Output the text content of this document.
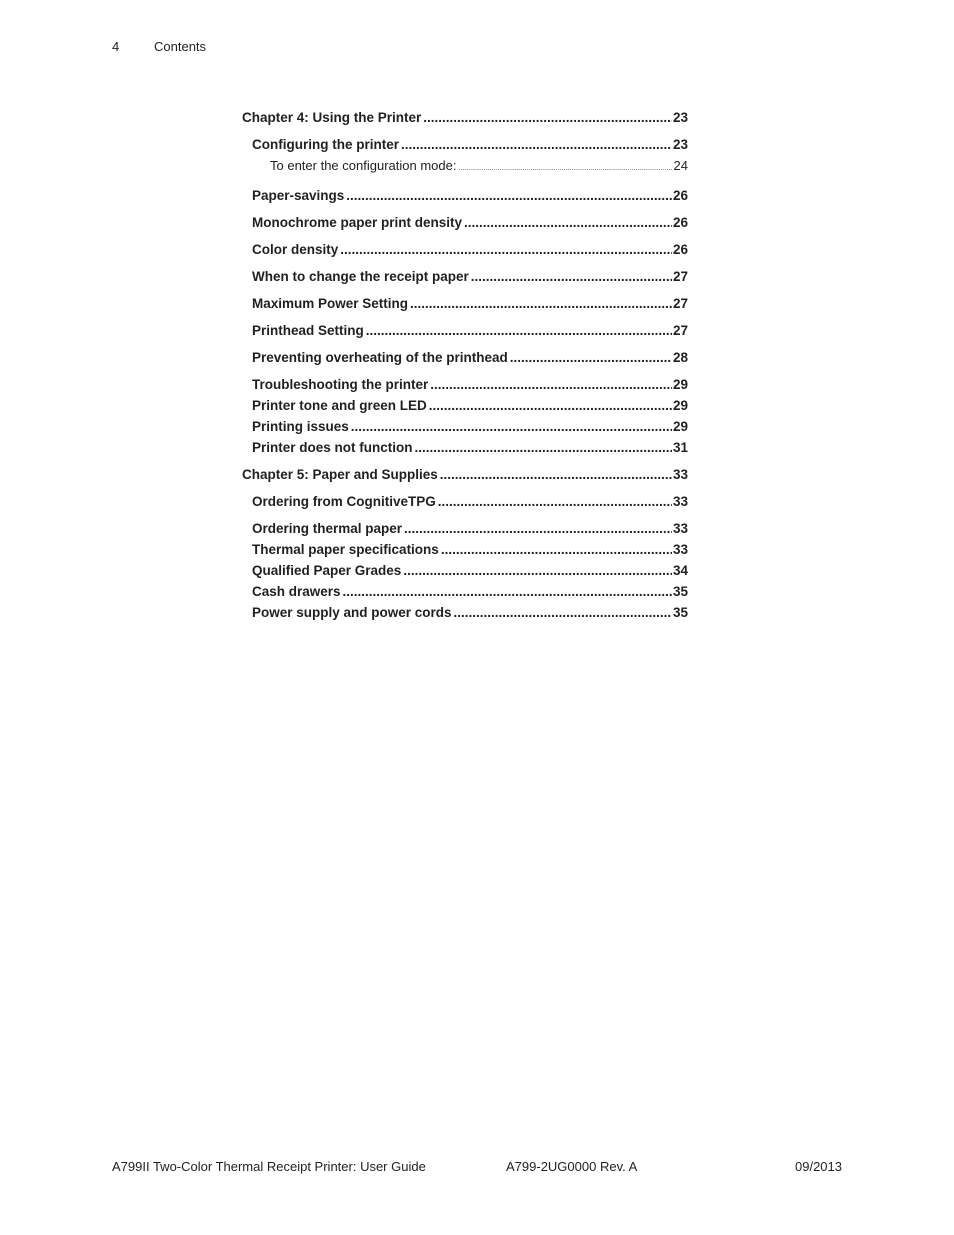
4	Contents
Chapter 4: Using the Printer .....	23
Configuring the printer .....	23
To enter the configuration mode: .....	24
Paper-savings .....	26
Monochrome paper print density .....	26
Color density .....	26
When to change the receipt paper .....	27
Maximum Power Setting .....	27
Printhead Setting .....	27
Preventing overheating of the printhead .....	28
Troubleshooting the printer .....	29
Printer tone and green LED .....	29
Printing issues .....	29
Printer does not function .....	31
Chapter 5: Paper and Supplies .....	33
Ordering from CognitiveTPG .....	33
Ordering thermal paper .....	33
Thermal paper specifications .....	33
Qualified Paper Grades .....	34
Cash drawers .....	35
Power supply and power cords .....	35
A799II Two-Color Thermal Receipt Printer: User Guide	A799-2UG0000 Rev. A	09/2013
